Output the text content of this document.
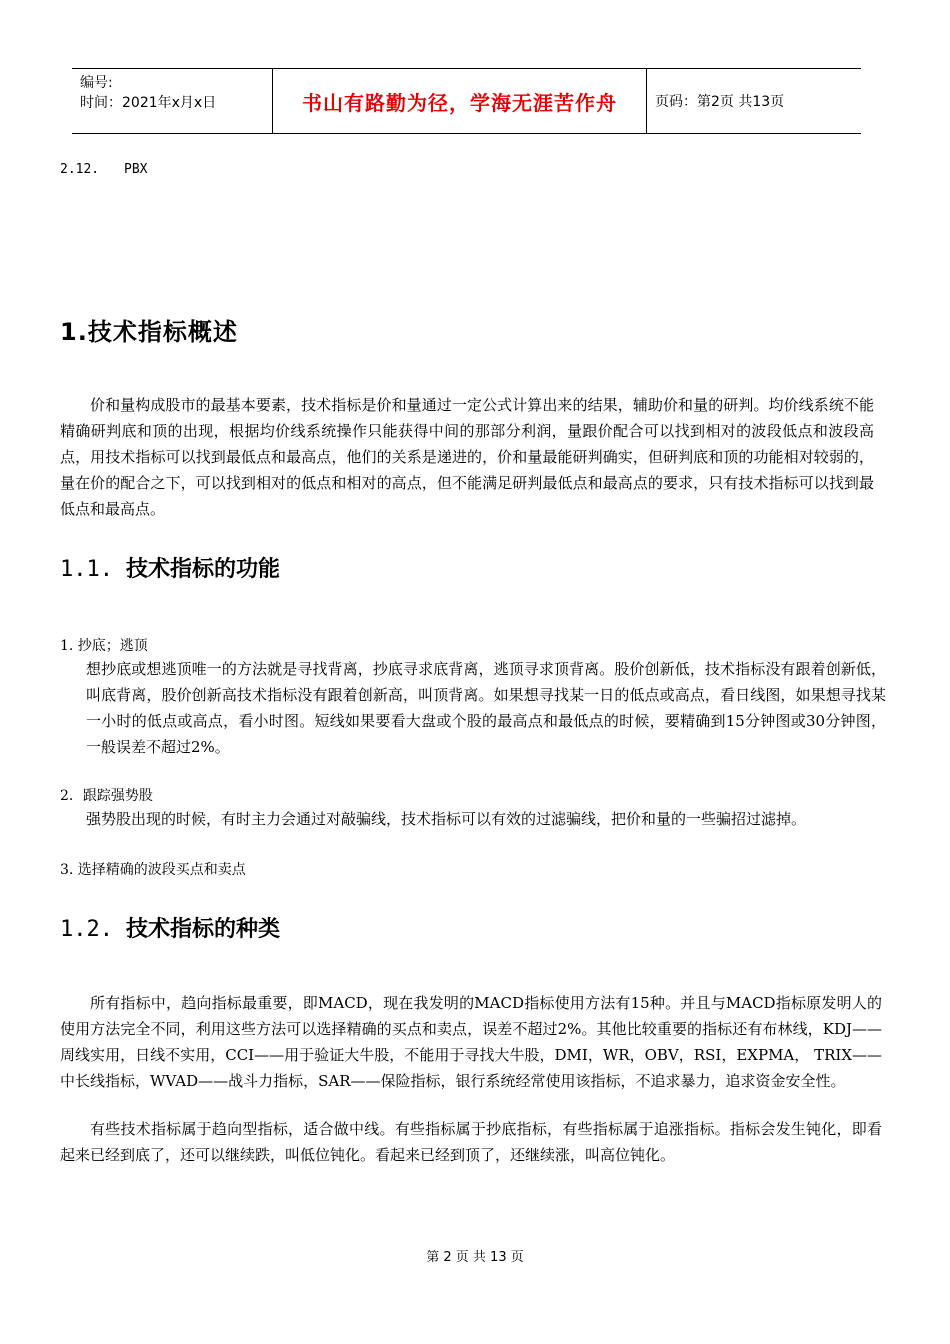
编号:
时间：2021年x月x日	书山有路勤为径，学海无涯苦作舟	页码：第2页 共13页
2.12. PBX
1.技术指标概述
价和量构成股市的最基本要素，技术指标是价和量通过一定公式计算出来的结果，辅助价和量的研判。均价线系统不能精确研判底和顶的出现，根据均价线系统操作只能获得中间的那部分利润，量跟价配合可以找到相对的波段低点和波段高点，用技术指标可以找到最低点和最高点，他们的关系是递进的，价和量最能研判确实，但研判底和顶的功能相对较弱的，量在价的配合之下，可以找到相对的低点和相对的高点，但不能满足研判最低点和最高点的要求，只有技术指标可以找到最低点和最高点。
1.1. 技术指标的功能
1. 抄底；逃顶
想抄底或想逃顶唯一的方法就是寻找背离，抄底寻求底背离，逃顶寻求顶背离。股价创新低，技术指标没有跟着创新低，叫底背离，股价创新高技术指标没有跟着创新高，叫顶背离。如果想寻找某一日的低点或高点，看日线图，如果想寻找某一小时的低点或高点，看小时图。短线如果要看大盘或个股的最高点和最低点的时候，要精确到15分钟图或30分钟图，一般误差不超过2%。
2．跟踪强势股
强势股出现的时候，有时主力会通过对敲骗线，技术指标可以有效的过滤骗线，把价和量的一些骗招过滤掉。
3. 选择精确的波段买点和卖点
1.2. 技术指标的种类
所有指标中，趋向指标最重要，即MACD，现在我发明的MACD指标使用方法有15种。并且与MACD指标原发明人的使用方法完全不同，利用这些方法可以选择精确的买点和卖点，误差不超过2%。其他比较重要的指标还有布林线，KDJ——周线实用，日线不实用，CCI——用于验证大牛股，不能用于寻找大牛股，DMI，WR，OBV，RSI，EXPMA， TRIX——中长线指标，WVAD——战斗力指标，SAR——保险指标，银行系统经常使用该指标，不追求暴力，追求资金安全性。
有些技术指标属于趋向型指标，适合做中线。有些指标属于抄底指标，有些指标属于追涨指标。指标会发生钝化，即看起来已经到底了，还可以继续跌，叫低位钝化。看起来已经到顶了，还继续涨，叫高位钝化。
第 2 页 共 13 页
